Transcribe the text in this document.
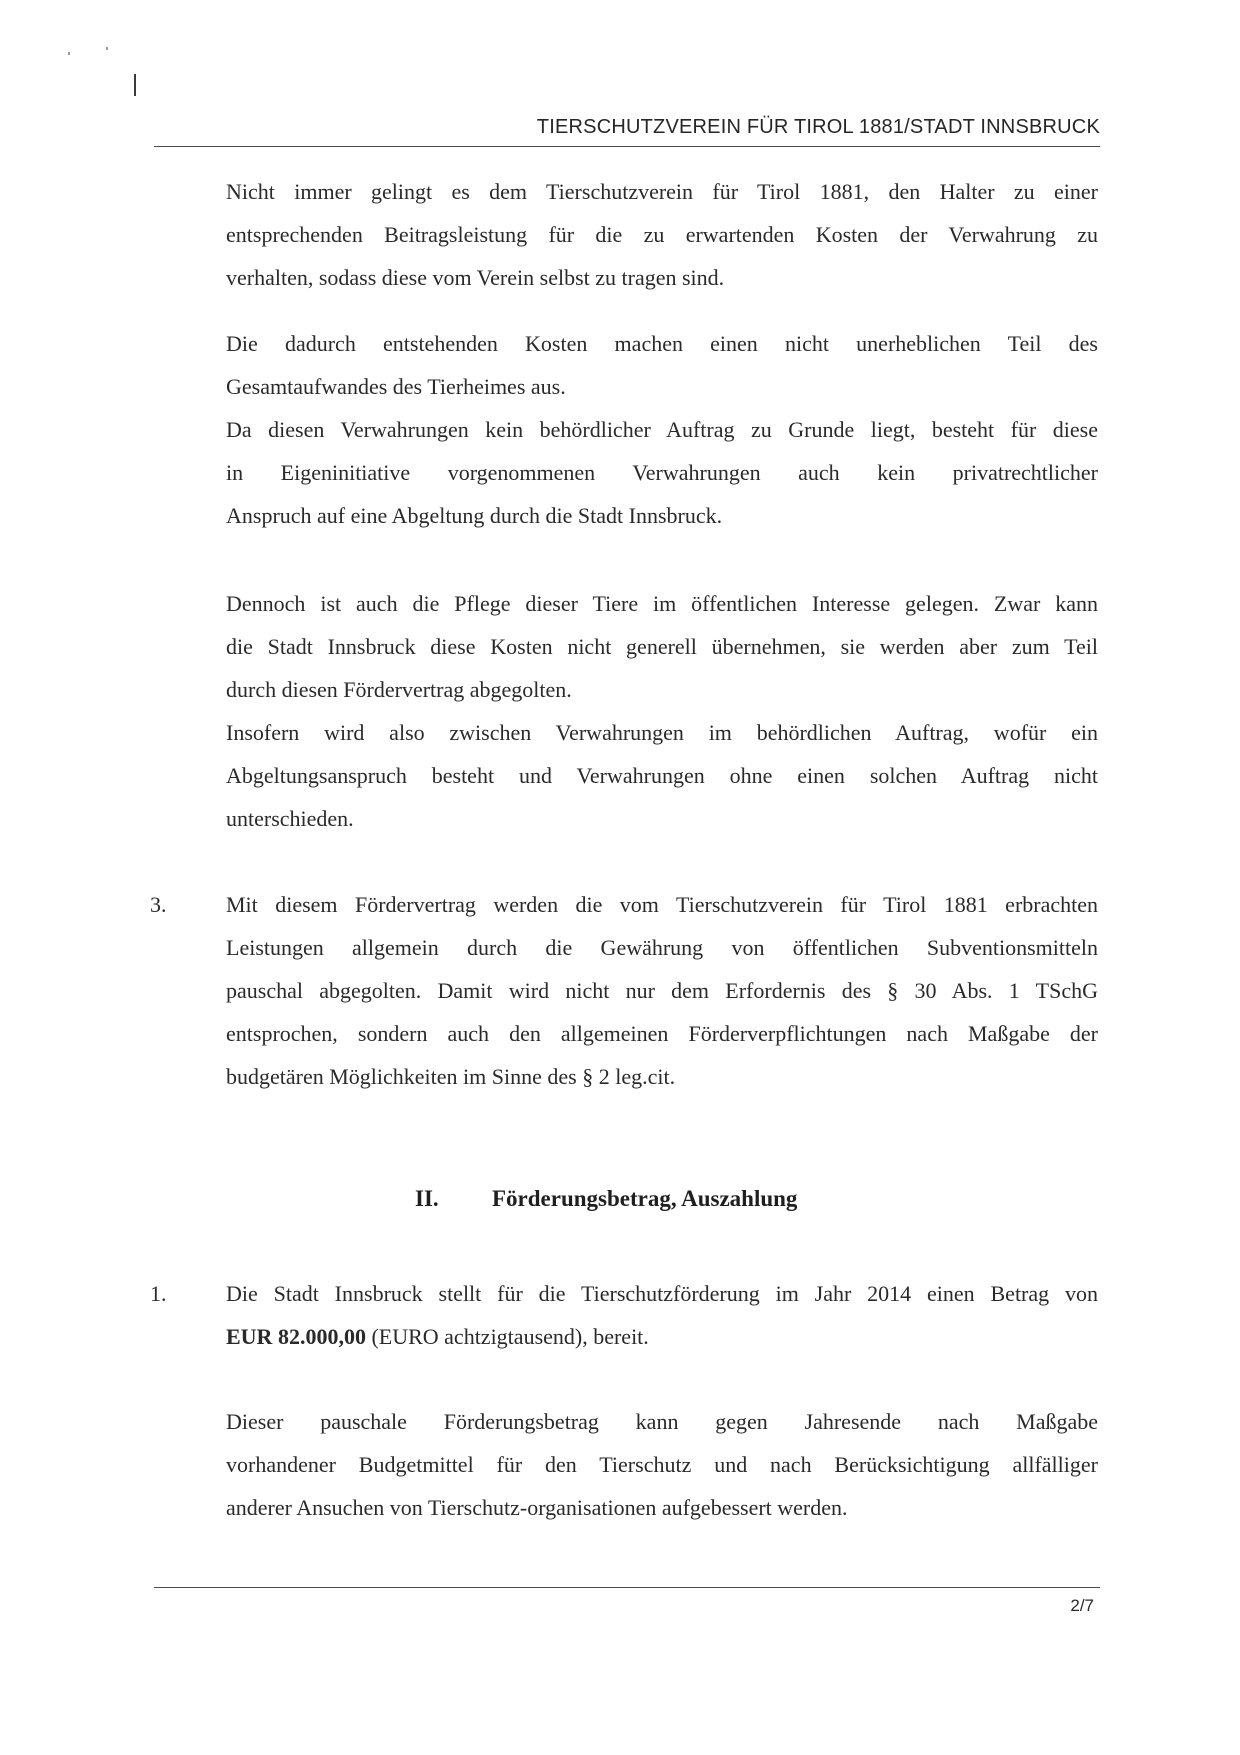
TIERSCHUTZVEREIN FÜR TIROL 1881/STADT INNSBRUCK
Nicht immer gelingt es dem Tierschutzverein für Tirol 1881, den Halter zu einer
entsprechenden Beitragsleistung für die zu erwartenden Kosten der Verwahrung zu
verhalten, sodass diese vom Verein selbst zu tragen sind.
Die dadurch entstehenden Kosten machen einen nicht unerheblichen Teil des
Gesamtaufwandes des Tierheimes aus.
Da diesen Verwahrungen kein behördlicher Auftrag zu Grunde liegt, besteht für diese
in Eigeninitiative vorgenommenen Verwahrungen auch kein privatrechtlicher
Anspruch auf eine Abgeltung durch die Stadt Innsbruck.
Dennoch ist auch die Pflege dieser Tiere im öffentlichen Interesse gelegen. Zwar kann
die Stadt Innsbruck diese Kosten nicht generell übernehmen, sie werden aber zum Teil
durch diesen Fördervertrag abgegolten.
Insofern wird also zwischen Verwahrungen im behördlichen Auftrag, wofür ein
Abgeltungsanspruch besteht und Verwahrungen ohne einen solchen Auftrag nicht
unterschieden.
3.	Mit diesem Fördervertrag werden die vom Tierschutzverein für Tirol 1881 erbrachten
Leistungen allgemein durch die Gewährung von öffentlichen Subventionsmitteln
pauschal abgegolten. Damit wird nicht nur dem Erfordernis des § 30 Abs. 1 TSchG
entsprochen, sondern auch den allgemeinen Förderverpflichtungen nach Maßgabe der
budgetären Möglichkeiten im Sinne des § 2 leg.cit.
II. Förderungsbetrag, Auszahlung
1.	Die Stadt Innsbruck stellt für die Tierschutzförderung im Jahr 2014 einen Betrag von
EUR 82.000,00 (EURO achtzigtausend), bereit.
Dieser pauschale Förderungsbetrag kann gegen Jahresende nach Maßgabe
vorhandener Budgetmittel für den Tierschutz und nach Berücksichtigung allfälliger
anderer Ansuchen von Tierschutz-organisationen aufgebessert werden.
2/7
